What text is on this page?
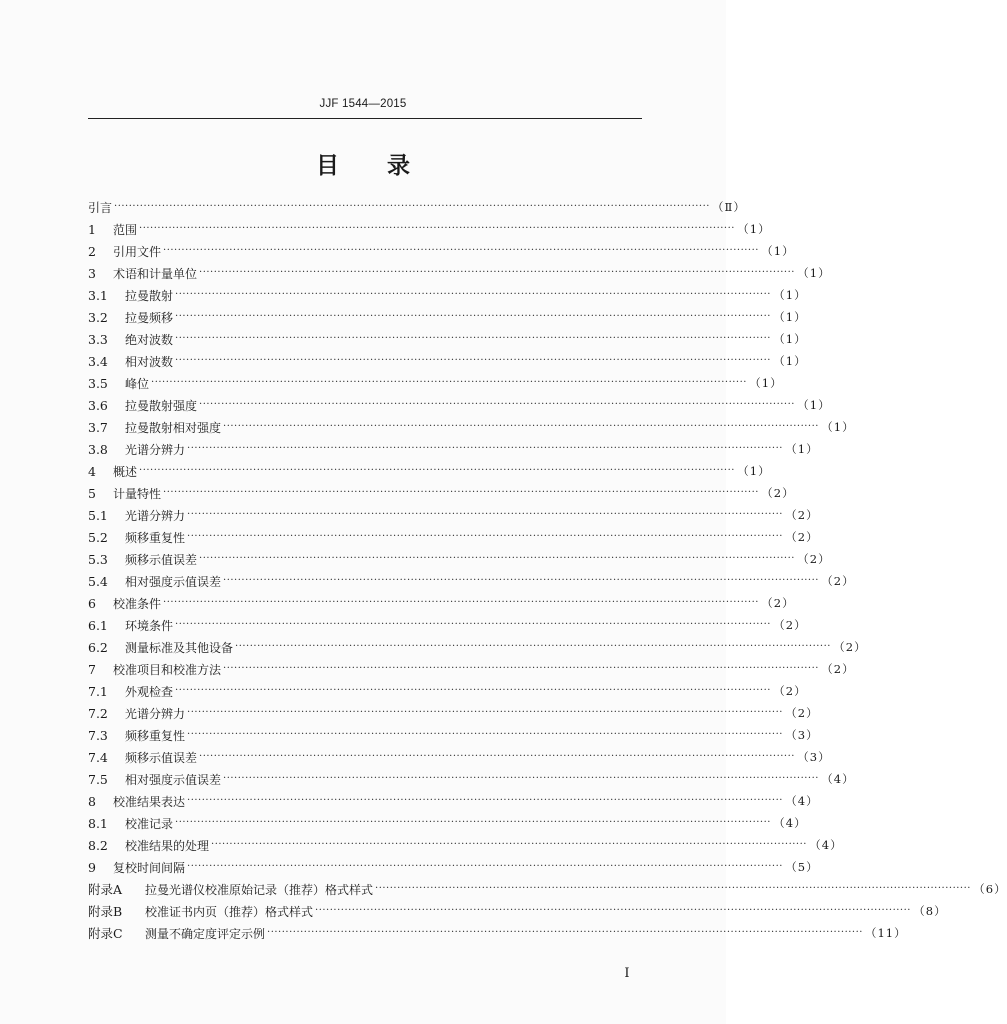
JJF 1544—2015
目 录
引言 ·····	（Ⅱ）
1	范围 ·····	（1）
2	引用文件 ·····	（1）
3	术语和计量单位 ·····	（1）
3.1	拉曼散射 ·····	（1）
3.2	拉曼频移 ·····	（1）
3.3	绝对波数 ·····	（1）
3.4	相对波数 ·····	（1）
3.5	峰位 ·····	（1）
3.6	拉曼散射强度 ·····	（1）
3.7	拉曼散射相对强度 ·····	（1）
3.8	光谱分辨力 ·····	（1）
4	概述 ·····	（1）
5	计量特性 ·····	（2）
5.1	光谱分辨力 ·····	（2）
5.2	频移重复性 ·····	（2）
5.3	频移示值误差 ·····	（2）
5.4	相对强度示值误差 ·····	（2）
6	校准条件 ·····	（2）
6.1	环境条件 ·····	（2）
6.2	测量标准及其他设备 ·····	（2）
7	校准项目和校准方法 ·····	（2）
7.1	外观检查 ·····	（2）
7.2	光谱分辨力 ·····	（2）
7.3	频移重复性 ·····	（3）
7.4	频移示值误差 ·····	（3）
7.5	相对强度示值误差 ·····	（4）
8	校准结果表达 ·····	（4）
8.1	校准记录 ·····	（4）
8.2	校准结果的处理 ·····	（4）
9	复校时间间隔 ·····	（5）
附录A	拉曼光谱仪校准原始记录（推荐）格式样式 ·····	（6）
附录B	校准证书内页（推荐）格式样式 ·····	（8）
附录C	测量不确定度评定示例 ·····	（11）
Ⅰ
